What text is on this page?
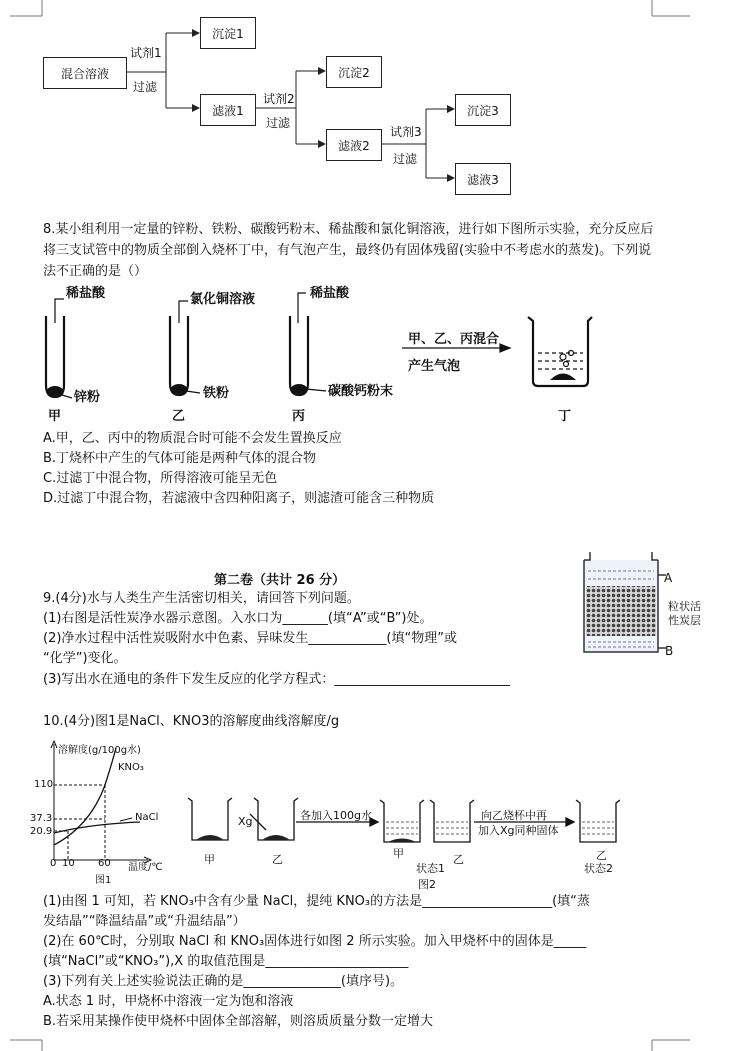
混合溶液
试剂1
过滤
沉淀1
滤液1
试剂2
过滤
沉淀2
滤液2
试剂3
过滤
沉淀3
滤液3
8.某小组利用一定量的锌粉、铁粉、碳酸钙粉末、稀盐酸和氯化铜溶液，进行如下图所示实验，充分反应后将三支试管中的物质全部倒入烧杯丁中，有气泡产生，最终仍有固体残留(实验中不考虑水的蒸发)。下列说法不正确的是（）
稀盐酸
锌粉
甲
氯化铜溶液
铁粉
乙
稀盐酸
碳酸钙粉末
丙
甲、乙、丙混合
产生气泡
丁
A.甲，乙、丙中的物质混合时可能不会发生置换反应
B.丁烧杯中产生的气体可能是两种气体的混合物
C.过滤丁中混合物，所得溶液可能呈无色
D.过滤丁中混合物，若滤液中含四种阳离子，则滤渣可能含三种物质
第二卷（共计 26 分）
9.(4分)水与人类生产生活密切相关，请回答下列问题。
(1)右图是活性炭净水器示意图。入水口为_______(填“A”或“B”)处。
(2)净水过程中活性炭吸附水中色素、异味发生____________(填“物理”或
“化学”)变化。
(3)写出水在通电的条件下发生反应的化学方程式：___________________________
A
B
粒状活
性炭层
10.(4分)图1是NaCl、KNO3的溶解度曲线溶解度/g
溶解度(g/100g水)
KNO₃
NaCl
110
37.3
20.9
0 10 60 温度/℃
图1
甲	乙
Xg	各加入100g水
甲	乙
状态1
向乙烧杯中再
加入Xg同种固体
乙
状态2
图2
(1)由图 1 可知，若 KNO₃中含有少量 NaCl，提纯 KNO₃的方法是____________________(填“蒸
发结晶”“降温结晶”或“升温结晶”）
(2)在 60℃时，分别取 NaCl 和 KNO₃固体进行如图 2 所示实验。加入甲烧杯中的固体是_____
(填“NaCl”或“KNO₃”),X 的取值范围是______________________
(3)下列有关上述实验说法正确的是_______________(填序号)。
A.状态 1 时，甲烧杯中溶液一定为饱和溶液
B.若采用某操作使甲烧杯中固体全部溶解，则溶质质量分数一定增大
